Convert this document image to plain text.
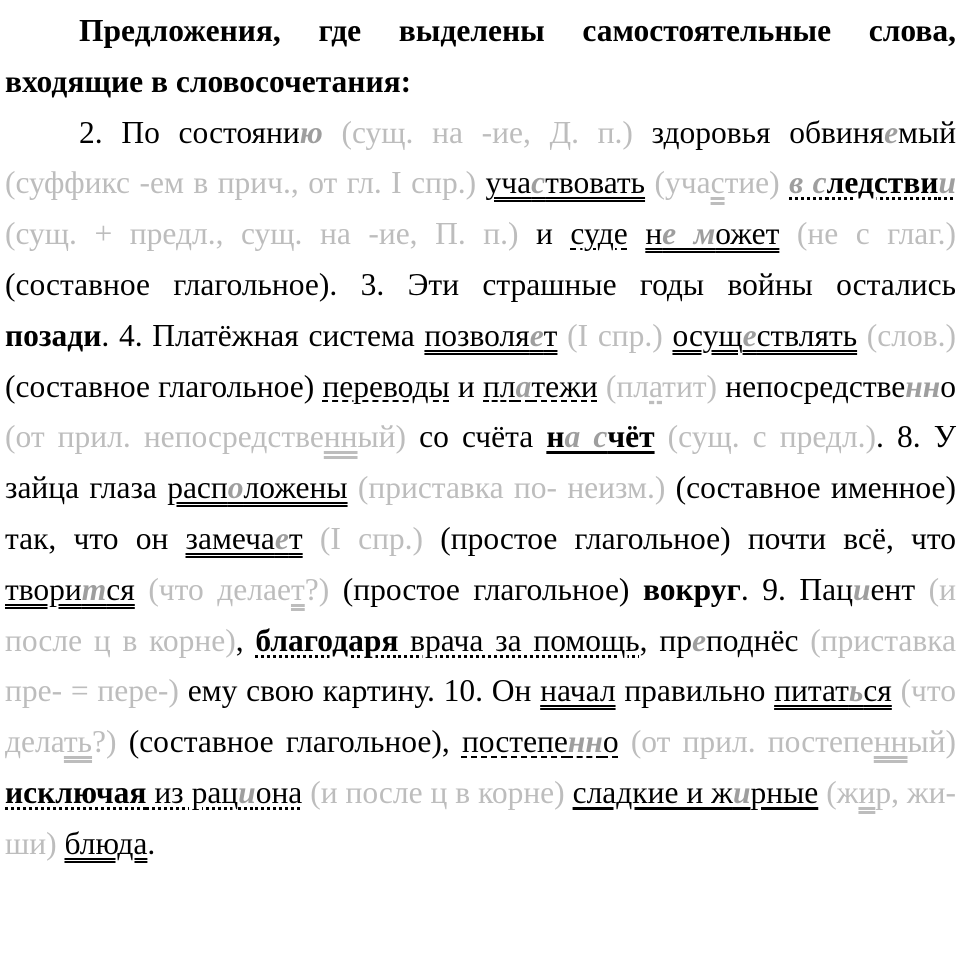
Предложения, где выделены самостоятельные слова, входящие в словосочетания:

2. По состоянию (сущ. на -ие, Д. п.) здоровья обвиняемый (суффикс -ем в прич., от гл. I спр.) участвовать (участие) в следствии (сущ. + предл., сущ. на -ие, П. п.) и суде не может (не с глаг.) (составное глагольное). 3. Эти страшные годы войны остались позади. 4. Платёжная система позволяет (I спр.) осуществлять (слов.) (составное глагольное) переводы и платежи (платит) непосредственно (от прил. непосредственный) со счёта на счёт (сущ. с предл.). 8. У зайца глаза расположены (приставка по- неизм.) (составное именное) так, что он замечает (I спр.) (простое глагольное) почти всё, что творится (что делает?) (простое глагольное) вокруг. 9. Пациент (и после ц в корне), благодаря врача за помощь, преподнёс (приставка пре- = пере-) ему свою картину. 10. Он начал правильно питаться (что делать?) (составное глагольное), постепенно (от прил. постепенный) исключая из рациона (и после ц в корне) сладкие и жирные (жир, жи-ши) блюда.
